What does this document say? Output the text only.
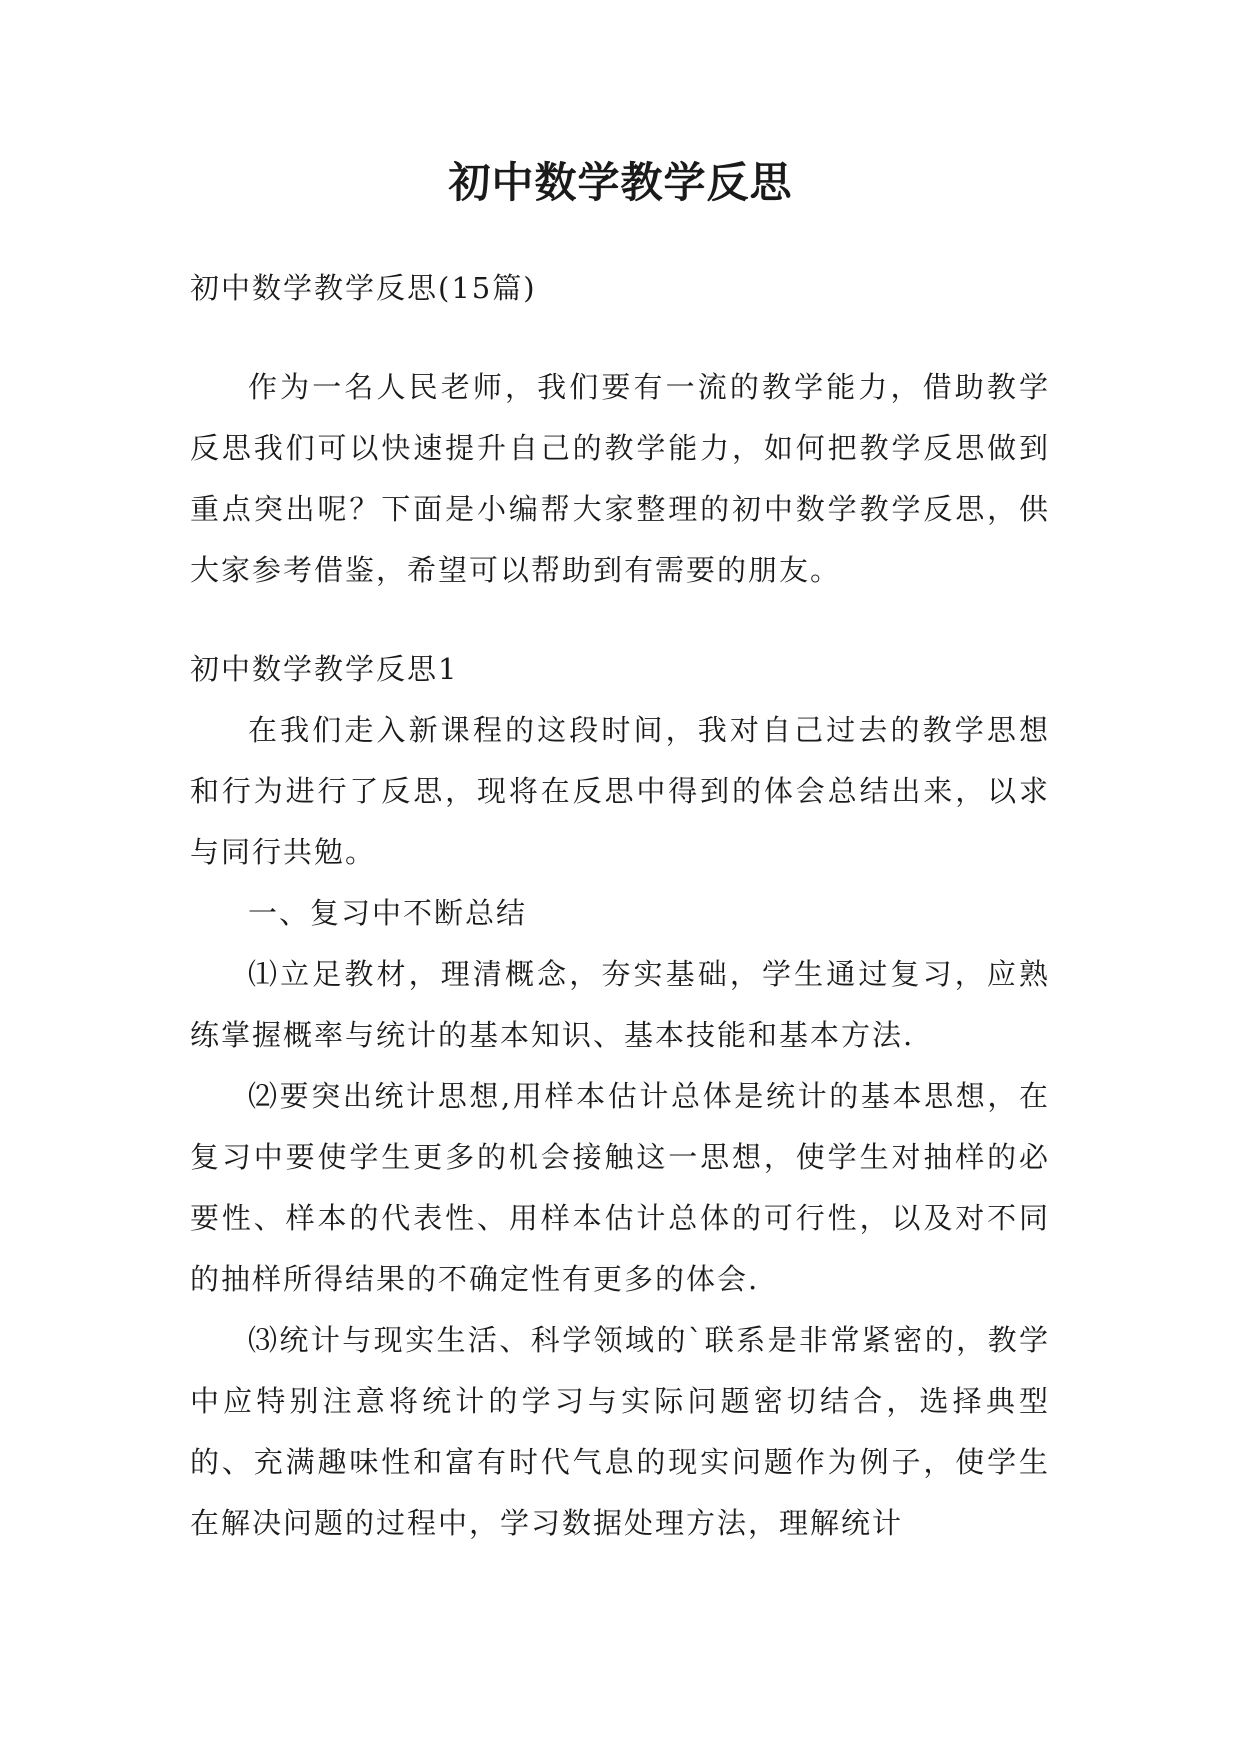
初中数学教学反思

初中数学教学反思(15篇)

作为一名人民老师，我们要有一流的教学能力，借助教学反思我们可以快速提升自己的教学能力，如何把教学反思做到重点突出呢？下面是小编帮大家整理的初中数学教学反思，供大家参考借鉴，希望可以帮助到有需要的朋友。

初中数学教学反思1

在我们走入新课程的这段时间，我对自己过去的教学思想和行为进行了反思，现将在反思中得到的体会总结出来，以求与同行共勉。

一、复习中不断总结

⑴立足教材，理清概念，夯实基础，学生通过复习，应熟练掌握概率与统计的基本知识、基本技能和基本方法.

⑵要突出统计思想,用样本估计总体是统计的基本思想，在复习中要使学生更多的机会接触这一思想，使学生对抽样的必要性、样本的代表性、用样本估计总体的可行性，以及对不同的抽样所得结果的不确定性有更多的体会.

⑶统计与现实生活、科学领域的`联系是非常紧密的，教学中应特别注意将统计的学习与实际问题密切结合，选择典型的、充满趣味性和富有时代气息的现实问题作为例子，使学生在解决问题的过程中，学习数据处理方法，理解统计
